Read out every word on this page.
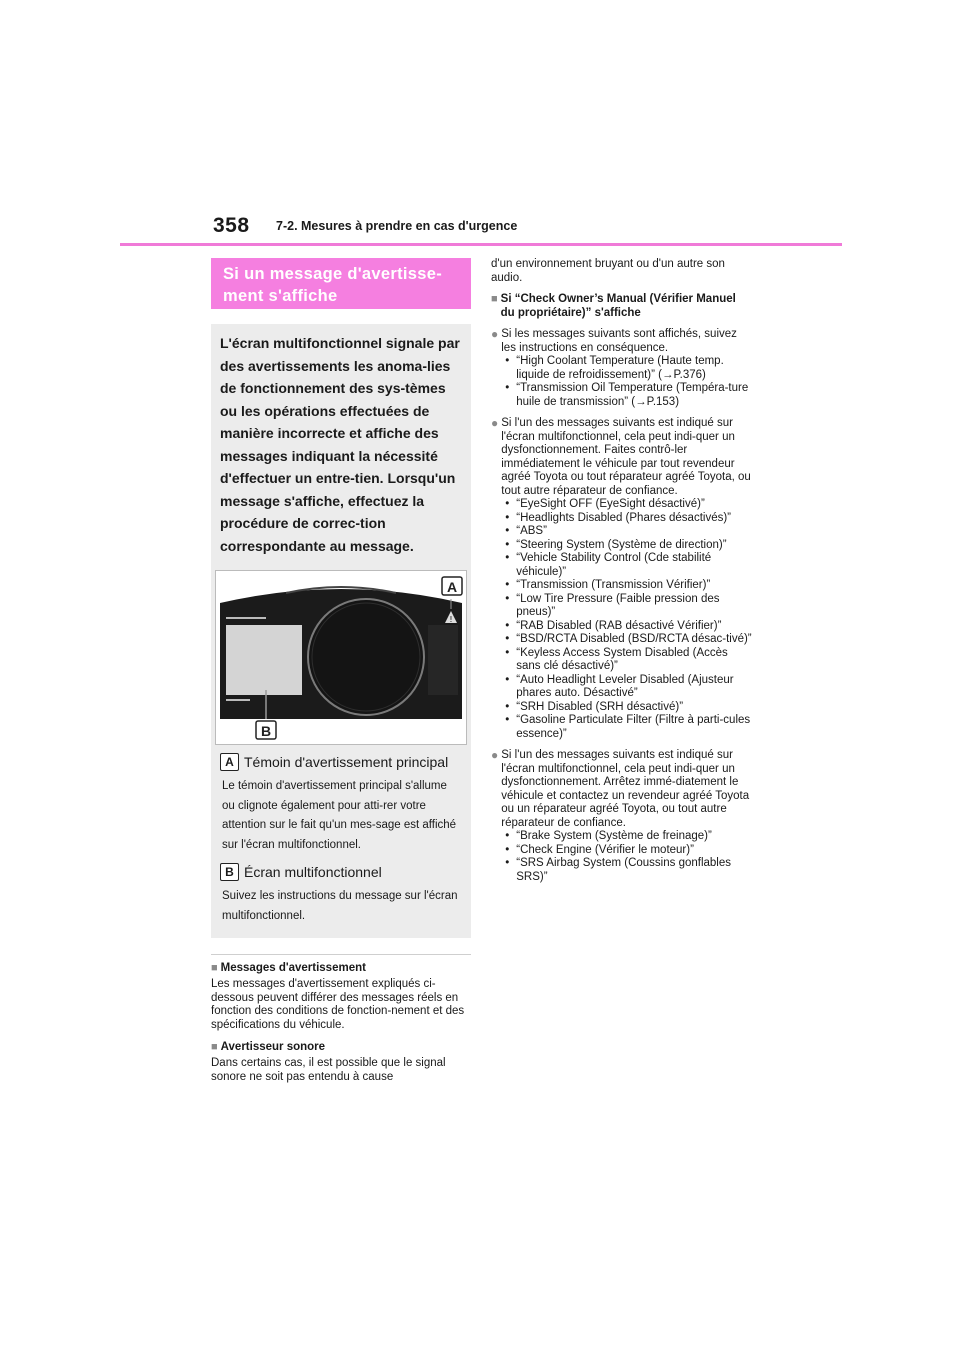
358 7-2. Mesures à prendre en cas d'urgence
Si un message d'avertisse-ment s'affiche
L'écran multifonctionnel signale par des avertissements les anoma-lies de fonctionnement des sys-tèmes ou les opérations effectuées de manière incorrecte et affiche des messages indiquant la nécessité d'effectuer un entre-tien. Lorsqu'un message s'affiche, effectuez la procédure de correc-tion correspondante au message.
!
A
B
A Témoin d'avertissement principal
Le témoin d'avertissement principal s'allume ou clignote également pour atti-rer votre attention sur le fait qu'un mes-sage est affiché sur l'écran multifonctionnel.
B Écran multifonctionnel
Suivez les instructions du message sur l'écran multifonctionnel.
■ Messages d'avertissement
Les messages d'avertissement expliqués ci-dessous peuvent différer des messages réels en fonction des conditions de fonction-nement et des spécifications du véhicule.
■ Avertisseur sonore
Dans certains cas, il est possible que le signal sonore ne soit pas entendu à cause
d'un environnement bruyant ou d'un autre son audio.
■ Si “Check Owner’s Manual (Vérifier Manuel du propriétaire)” s'affiche
● Si les messages suivants sont affichés, suivez les instructions en conséquence.
• “High Coolant Temperature (Haute temp. liquide de refroidissement)” (→P.376)
• “Transmission Oil Temperature (Tempéra-ture huile de transmission” (→P.153)
● Si l'un des messages suivants est indiqué sur l'écran multifonctionnel, cela peut indi-quer un dysfonctionnement. Faites contrô-ler immédiatement le véhicule par tout revendeur agréé Toyota ou tout réparateur agréé Toyota, ou tout autre réparateur de confiance.
• “EyeSight OFF (EyeSight désactivé)”
• “Headlights Disabled (Phares désactivés)”
• “ABS”
• “Steering System (Système de direction)”
• “Vehicle Stability Control (Cde stabilité véhicule)”
• “Transmission (Transmission Vérifier)”
• “Low Tire Pressure (Faible pression des pneus)”
• “RAB Disabled (RAB désactivé Vérifier)”
• “BSD/RCTA Disabled (BSD/RCTA désac-tivé)”
• “Keyless Access System Disabled (Accès sans clé désactivé)”
• “Auto Headlight Leveler Disabled (Ajusteur phares auto. Désactivé”
• “SRH Disabled (SRH désactivé)”
• “Gasoline Particulate Filter (Filtre à parti-cules essence)”
● Si l'un des messages suivants est indiqué sur l'écran multifonctionnel, cela peut indi-quer un dysfonctionnement. Arrêtez immé-diatement le véhicule et contactez un revendeur agréé Toyota ou un réparateur agréé Toyota, ou tout autre réparateur de confiance.
• “Brake System (Système de freinage)”
• “Check Engine (Vérifier le moteur)”
• “SRS Airbag System (Coussins gonflables SRS)”
